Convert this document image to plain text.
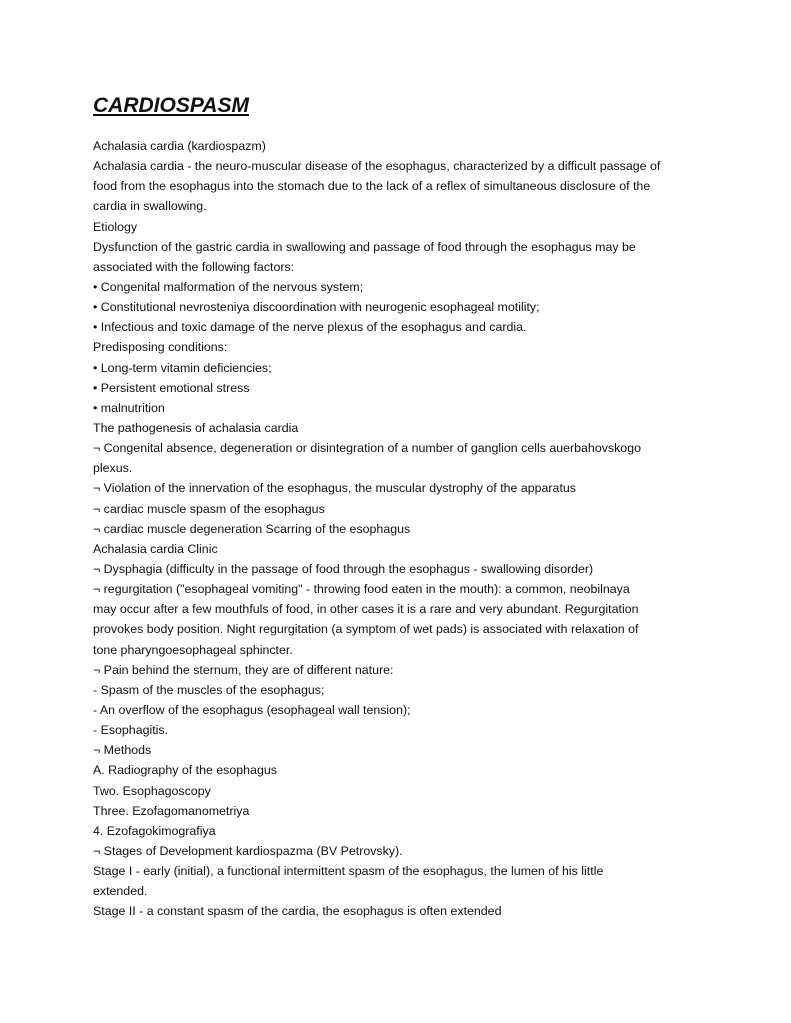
CARDIOSPASM
Achalasia cardia (kardiospazm)
Achalasia cardia - the neuro-muscular disease of the esophagus, characterized by a difficult passage of
food from the esophagus into the stomach due to the lack of a reflex of simultaneous disclosure of the
cardia in swallowing.
Etiology
Dysfunction of the gastric cardia in swallowing and passage of food through the esophagus may be
associated with the following factors:
• Congenital malformation of the nervous system;
• Constitutional nevrosteniya discoordination with neurogenic esophageal motility;
• Infectious and toxic damage of the nerve plexus of the esophagus and cardia.
Predisposing conditions:
• Long-term vitamin deficiencies;
• Persistent emotional stress
• malnutrition
The pathogenesis of achalasia cardia
¬ Congenital absence, degeneration or disintegration of a number of ganglion cells auerbahovskogo
plexus.
¬ Violation of the innervation of the esophagus, the muscular dystrophy of the apparatus
¬ cardiac muscle spasm of the esophagus
¬ cardiac muscle degeneration Scarring of the esophagus
Achalasia cardia Clinic
¬ Dysphagia (difficulty in the passage of food through the esophagus - swallowing disorder)
¬ regurgitation ("esophageal vomiting" - throwing food eaten in the mouth): a common, neobilnaya
may occur after a few mouthfuls of food, in other cases it is a rare and very abundant. Regurgitation
provokes body position. Night regurgitation (a symptom of wet pads) is associated with relaxation of
tone pharyngoesophageal sphincter.
¬ Pain behind the sternum, they are of different nature:
- Spasm of the muscles of the esophagus;
- An overflow of the esophagus (esophageal wall tension);
- Esophagitis.
¬ Methods
A. Radiography of the esophagus
Two. Esophagoscopy
Three. Ezofagomanometriya
4. Ezofagokimografiya
¬ Stages of Development kardiospazma (BV Petrovsky).
Stage I - early (initial), a functional intermittent spasm of the esophagus, the lumen of his little
extended.
Stage II - a constant spasm of the cardia, the esophagus is often extended
